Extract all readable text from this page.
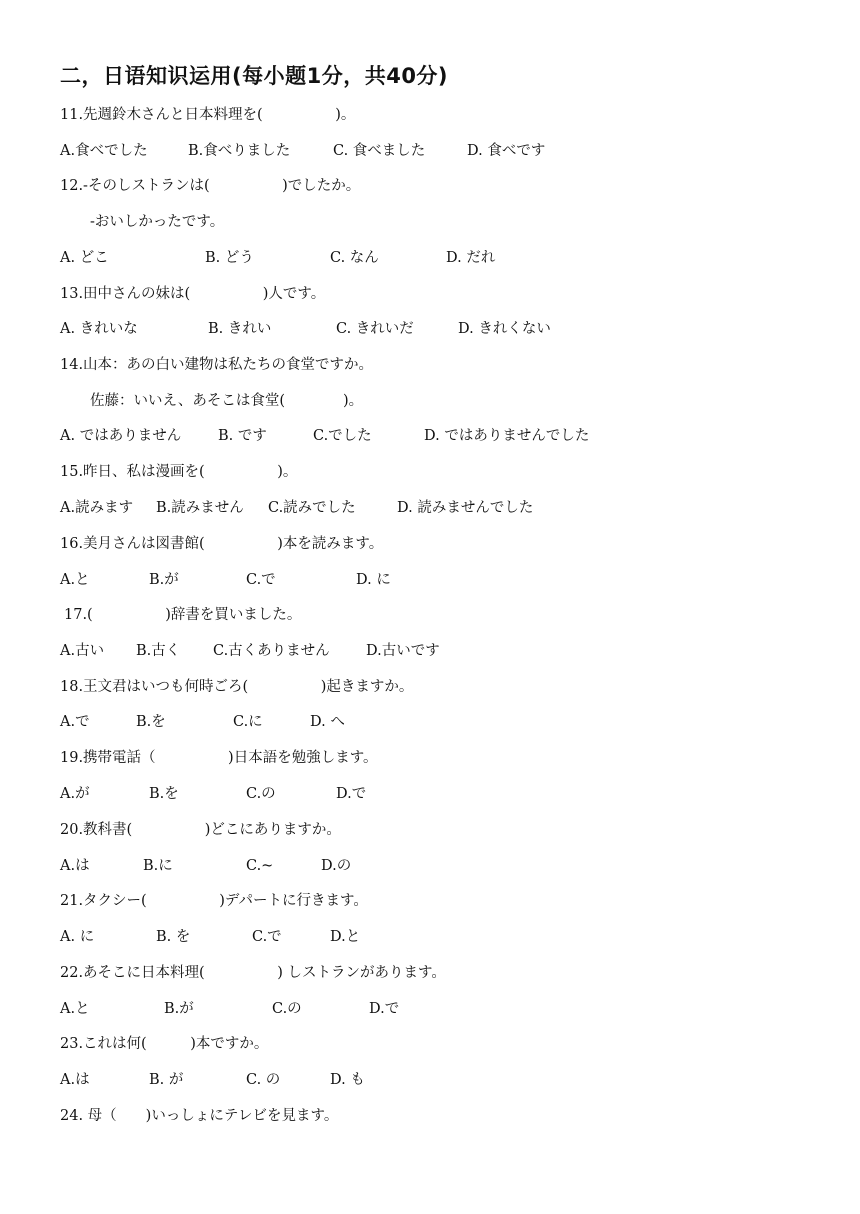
二，日语知识运用(每小题1分，共40分)
11.先週鈴木さんと日本料理を(　　　　　)。
A.食べでした	B.食べりました	C. 食べました	D. 食べです
12.-そのしストランは(　　　　　)でしたか。
-おいしかったです。
A. どこ	B. どう	C. なん	D. だれ
13.田中さんの妹は(　　　　　)人です。
A. きれいな	B. きれい	C. きれいだ	D. きれくない
14.山本：あの白い建物は私たちの食堂ですか。
佐藤：いいえ、あそこは食堂(　　　　)。
A. ではありません	B. です	C.でした	D. ではありませんでした
15.昨日、私は漫画を(　　　　　)。
A.読みます B.読みません C.読みでした	D. 読みませんでした
16.美月さんは図書館(　　　　　)本を読みます。
A.と	B.が	C.で	D. に
17.(　　　　　)辞書を買いました。
A.古い B.古く C.古くありません	D.古いです
18.王文君はいつも何時ごろ(　　　　　)起きますか。
A.で	B.を	C.に	D. へ
19.携帯電話（　　　　　)日本語を勉強します。
A.が	B.を	C.の	D.で
20.教科書(　　　　　)どこにありますか。
A.は	B.に	C.~	D.の
21.タクシー(　　　　　)デパートに行きます。
A. に	B. を	C.で	D.と
22.あそこに日本料理(　　　　　) しストランがあります。
A.と	B.が	C.の	D.で
23.これは何(　　　)本ですか。
A.は	B. が	C. の	D. も
24. 母（　　)いっしょにテレビを見ます。
